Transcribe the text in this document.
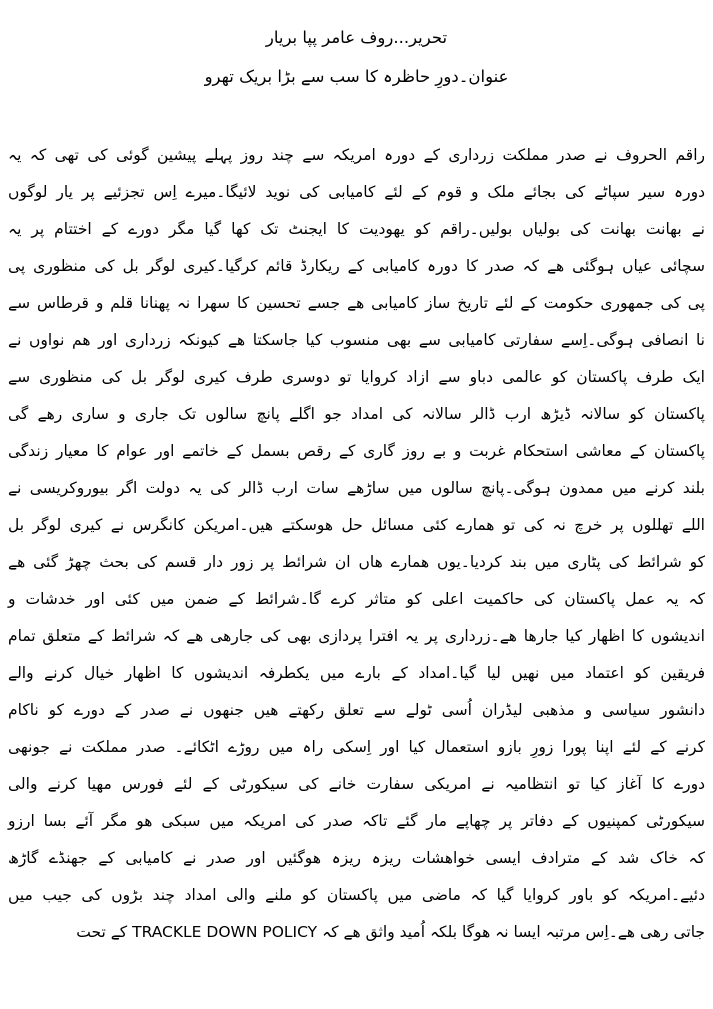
تحریر...روف عامر پپا بریار
عنوان۔دورِ حاظرہ کا سب سے بڑا بریک تھرو
راقم الحروف نے صدر مملکت زرداری کے دورہ امریکہ سے چند روز پہلے پیشین گوئی کی تھی کہ یہ
دورہ سیر سپاٹے کی بجائے ملک و قوم کے لئے کامیابی کی نوید لائیگا۔میرے اِس تجزئیے پر یار لوگوں
نے بھانت بھانت کی بولیاں بولیں۔راقم کو یھودیت کا ایجنٹ تک کھا گیا مگر دورے کے اختتام پر یہ
سچائی عیاں ہوگئی ھے کہ صدر کا دورہ کامیابی کے ریکارڈ قائم کرگیا۔کیری لوگر بل کی منظوری پی
پی کی جمھوری حکومت کے لئے تاریخ ساز کامیابی ھے جسے تحسین کا سھرا نہ پھنانا قلم و قرطاس سے
نا انصافی ہوگی۔اِسے سفارتی کامیابی سے بھی منسوب کیا جاسکتا ھے کیونکہ زرداری اور ھم نواوں نے
ایک طرف پاکستان کو عالمی دباو سے ازاد کروایا تو دوسری طرف کیری لوگر بل کی منظوری سے
پاکستان کو سالانہ ڈیڑھ ارب ڈالر سالانہ کی امداد جو اگلے پانچ سالوں تک جاری و ساری رھے گی
پاکستان کے معاشی استحکام غربت و بے روز گاری کے رقص بسمل کے خاتمے اور عوام کا معیار زندگی
بلند کرنے میں ممدون ہوگی۔پانچ سالوں میں ساڑھے سات ارب ڈالر کی یہ دولت اگر بیوروکریسی نے
اللے تھللوں پر خرچ نہ کی تو ھمارے کئی مسائل حل ھوسکتے ھیں۔امریکن کانگرس نے کیری لوگر بل
کو شرائط کی پٹاری میں بند کردیا۔یوں ھمارے ھاں ان شرائط پر زور دار قسم کی بحث چھڑ گئی ھے
کہ یہ عمل پاکستان کی حاکمیت اعلی کو متاثر کرے گا۔شرائط کے ضمن میں کئی اور خدشات و
اندیشوں کا اظھار کیا جارھا ھے۔زرداری پر یہ افترا پردازی بھی کی جارھی ھے کہ شرائط کے متعلق تمام
فریقین کو اعتماد میں نھیں لیا گیا۔امداد کے بارے میں یکطرفہ اندیشوں کا اظھار خیال کرنے والے
دانشور سیاسی و مذھبی لیڈران اُسی ٹولے سے تعلق رکھتے ھیں جنھوں نے صدر کے دورے کو ناکام
کرنے کے لئے اپنا پورا زورِ بازو استعمال کیا اور اِسکی راہ میں روڑے اٹکائے۔ صدر مملکت نے جونھی
دورے کا آغاز کیا تو انتظامیہ نے امریکی سفارت خانے کی سیکورٹی کے لئے فورس مھیا کرنے والی
سیکورٹی کمپنیوں کے دفاتر پر چھاپے مار گئے تاکہ صدر کی امریکہ میں سبکی ھو مگر آئے بسا ارزو
کہ خاک شد کے مترادف ایسی خواھشات ریزہ ریزہ ھوگئیں اور صدر نے کامیابی کے جھنڈے گاڑھ
دئیے۔امریکہ کو باور کروایا گیا کہ ماضی میں پاکستان کو ملنے والی امداد چند بڑوں کی جیب میں
جاتی رھی ھے۔اِس مرتبہ ایسا نہ ھوگا بلکہ اُمید واثق ھے کہ TRACKLE DOWN POLICY کے تحت
